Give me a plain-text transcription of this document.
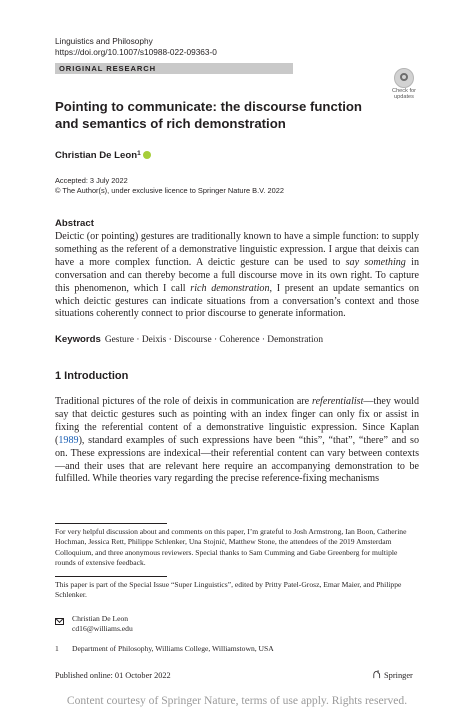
Linguistics and Philosophy
https://doi.org/10.1007/s10988-022-09363-0
ORIGINAL RESEARCH
Check for updates
Pointing to communicate: the discourse function and semantics of rich demonstration
Christian De Leon$^1$
Accepted: 3 July 2022
© The Author(s), under exclusive licence to Springer Nature B.V. 2022
Abstract
Deictic (or pointing) gestures are traditionally known to have a simple function: to supply something as the referent of a demonstrative linguistic expression. I argue that deixis can have a more complex function. A deictic gesture can be used to say something in conversation and can thereby become a full discourse move in its own right. To capture this phenomenon, which I call rich demonstration, I present an update semantics on which deictic gestures can indicate situations from a conversation’s context and those situations coherently connect to prior discourse to generate information.
Keywords Gesture · Deixis · Discourse · Coherence · Demonstration
1 Introduction
Traditional pictures of the role of deixis in communication are referentialist—they would say that deictic gestures such as pointing with an index finger can only fix or assist in fixing the referential content of a demonstrative linguistic expression. Since Kaplan (1989), standard examples of such expressions have been “this”, “that”, “there” and so on. These expressions are indexical—their referential content can vary between contexts—and their uses that are relevant here require an accompanying demonstration to be fulfilled. While theories vary regarding the precise reference-fixing mechanisms
For very helpful discussion about and comments on this paper, I’m grateful to Josh Armstrong, Ian Boon, Catherine Hochman, Jessica Rett, Philippe Schlenker, Una Stojnić, Matthew Stone, the attendees of the 2019 Amsterdam Colloquium, and three anonymous reviewers. Special thanks to Sam Cumming and Gabe Greenberg for multiple rounds of extensive feedback.
This paper is part of the Special Issue “Super Linguistics”, edited by Pritty Patel-Grosz, Emar Maier, and Philippe Schlenker.
Christian De Leon
cd16@williams.edu
1 Department of Philosophy, Williams College, Williamstown, USA
Published online: 01 October 2022	Springer
Content courtesy of Springer Nature, terms of use apply. Rights reserved.
